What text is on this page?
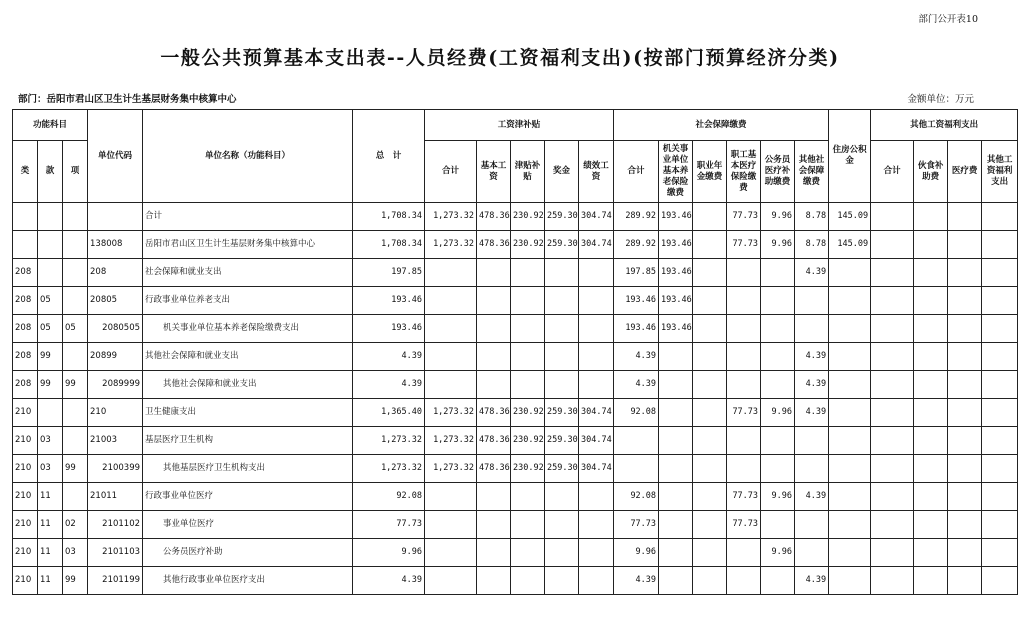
部门公开表10
一般公共预算基本支出表--人员经费(工资福利支出)(按部门预算经济分类)
部门：岳阳市君山区卫生计生基层财务集中核算中心	金额单位：万元
功能科目			单位代码	单位名称（功能科目）	总　计	工资津补贴					社会保障缴费						住房公积金	其他工资福利支出			
类	款	项				合计	基本工资	津贴补贴	奖金	绩效工资	合计	机关事业单位基本养老保险缴费	职业年金缴费	职工基本医疗保险缴费	公务员医疗补助缴费	其他社会保障缴费		合计	伙食补助费	医疗费	其他工资福利支出
				合计	1,708.34	1,273.32	478.36	230.92	259.30	304.74	289.92	193.46		77.73	9.96	8.78	145.09				
			138008	岳阳市君山区卫生计生基层财务集中核算中心	1,708.34	1,273.32	478.36	230.92	259.30	304.74	289.92	193.46		77.73	9.96	8.78	145.09				
208			208	社会保障和就业支出	197.85						197.85	193.46				4.39					
208	05		20805	行政事业单位养老支出	193.46						193.46	193.46									
208	05	05	2080505	机关事业单位基本养老保险缴费支出	193.46						193.46	193.46									
208	99		20899	其他社会保障和就业支出	4.39						4.39					4.39					
208	99	99	2089999	其他社会保障和就业支出	4.39						4.39					4.39					
210			210	卫生健康支出	1,365.40	1,273.32	478.36	230.92	259.30	304.74	92.08			77.73	9.96	4.39					
210	03		21003	基层医疗卫生机构	1,273.32	1,273.32	478.36	230.92	259.30	304.74											
210	03	99	2100399	其他基层医疗卫生机构支出	1,273.32	1,273.32	478.36	230.92	259.30	304.74											
210	11		21011	行政事业单位医疗	92.08						92.08			77.73	9.96	4.39					
210	11	02	2101102	事业单位医疗	77.73						77.73			77.73							
210	11	03	2101103	公务员医疗补助	9.96						9.96				9.96						
210	11	99	2101199	其他行政事业单位医疗支出	4.39						4.39					4.39					
